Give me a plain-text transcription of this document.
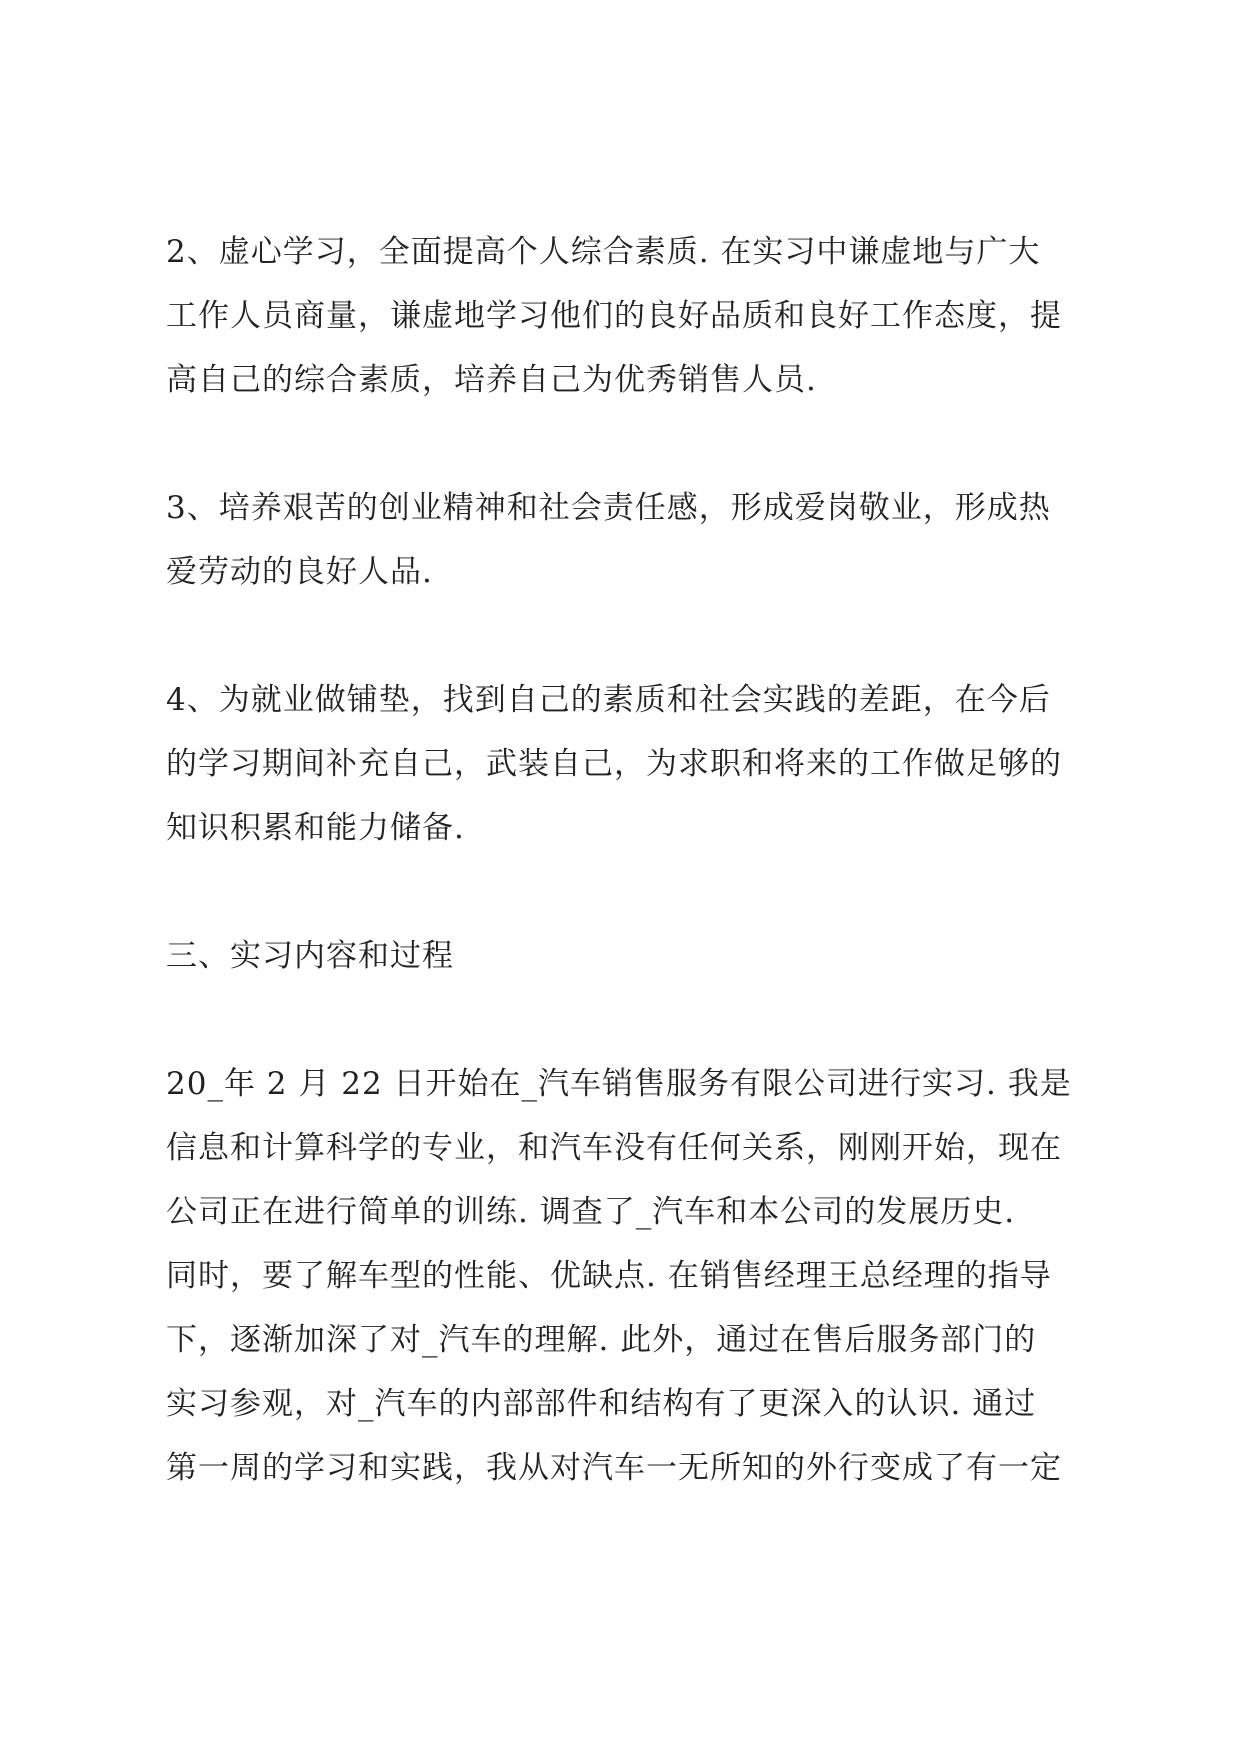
2、虚心学习，全面提高个人综合素质. 在实习中谦虚地与广大
工作人员商量，谦虚地学习他们的良好品质和良好工作态度，提
高自己的综合素质，培养自己为优秀销售人员.
3、培养艰苦的创业精神和社会责任感，形成爱岗敬业，形成热
爱劳动的良好人品.
4、为就业做铺垫，找到自己的素质和社会实践的差距，在今后
的学习期间补充自己，武装自己，为求职和将来的工作做足够的
知识积累和能力储备.
三、实习内容和过程
20_年 2 月 22 日开始在_汽车销售服务有限公司进行实习. 我是
信息和计算科学的专业，和汽车没有任何关系，刚刚开始，现在
公司正在进行简单的训练. 调查了_汽车和本公司的发展历史.
同时，要了解车型的性能、优缺点. 在销售经理王总经理的指导
下，逐渐加深了对_汽车的理解. 此外，通过在售后服务部门的
实习参观，对_汽车的内部部件和结构有了更深入的认识. 通过
第一周的学习和实践，我从对汽车一无所知的外行变成了有一定
